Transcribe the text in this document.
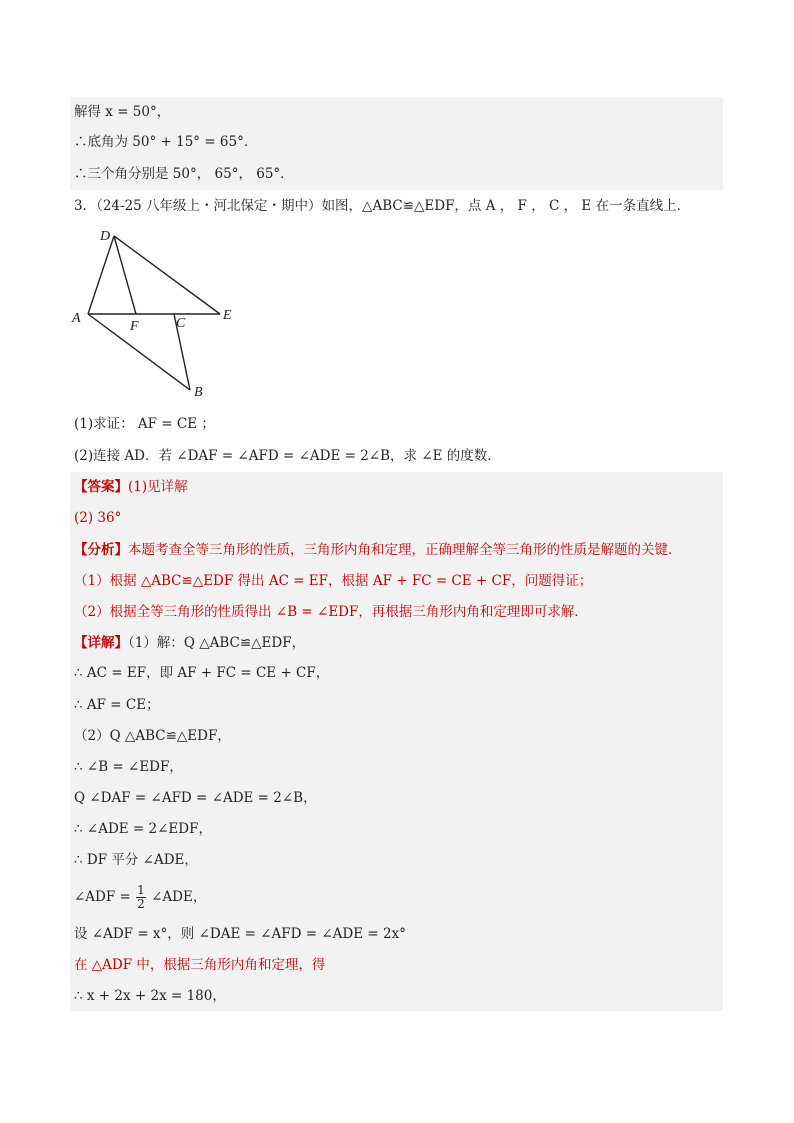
解得 x = 50°，
∴底角为 50° + 15° = 65°．
∴三个角分别是 50°， 65°， 65°．
3．（24-25 八年级上・河北保定・期中）如图，△ABC≌△EDF，点 A ， F ， C ， E 在一条直线上．
D
A
F	C
E
B
(1)求证： AF = CE ；
(2)连接 AD．若 ∠DAF = ∠AFD = ∠ADE = 2∠B，求 ∠E 的度数．
【答案】(1)见详解
(2) 36°
【分析】本题考查全等三角形的性质，三角形内角和定理，正确理解全等三角形的性质是解题的关键．
（1）根据 △ABC≌△EDF 得出 AC = EF，根据 AF + FC = CE + CF，问题得证；
（2）根据全等三角形的性质得出 ∠B = ∠EDF，再根据三角形内角和定理即可求解．
【详解】（1）解：Q △ABC≌△EDF，
∴ AC = EF，即 AF + FC = CE + CF，
∴ AF = CE；
（2）Q △ABC≌△EDF，
∴ ∠B = ∠EDF，
Q ∠DAF = ∠AFD = ∠ADE = 2∠B，
∴ ∠ADE = 2∠EDF，
∴ DF 平分 ∠ADE，
∠ADF = $\frac{1}{2}$ ∠ADE，
设 ∠ADF = x°，则 ∠DAE = ∠AFD = ∠ADE = 2x°
在 △ADF 中，根据三角形内角和定理，得
∴ x + 2x + 2x = 180，
